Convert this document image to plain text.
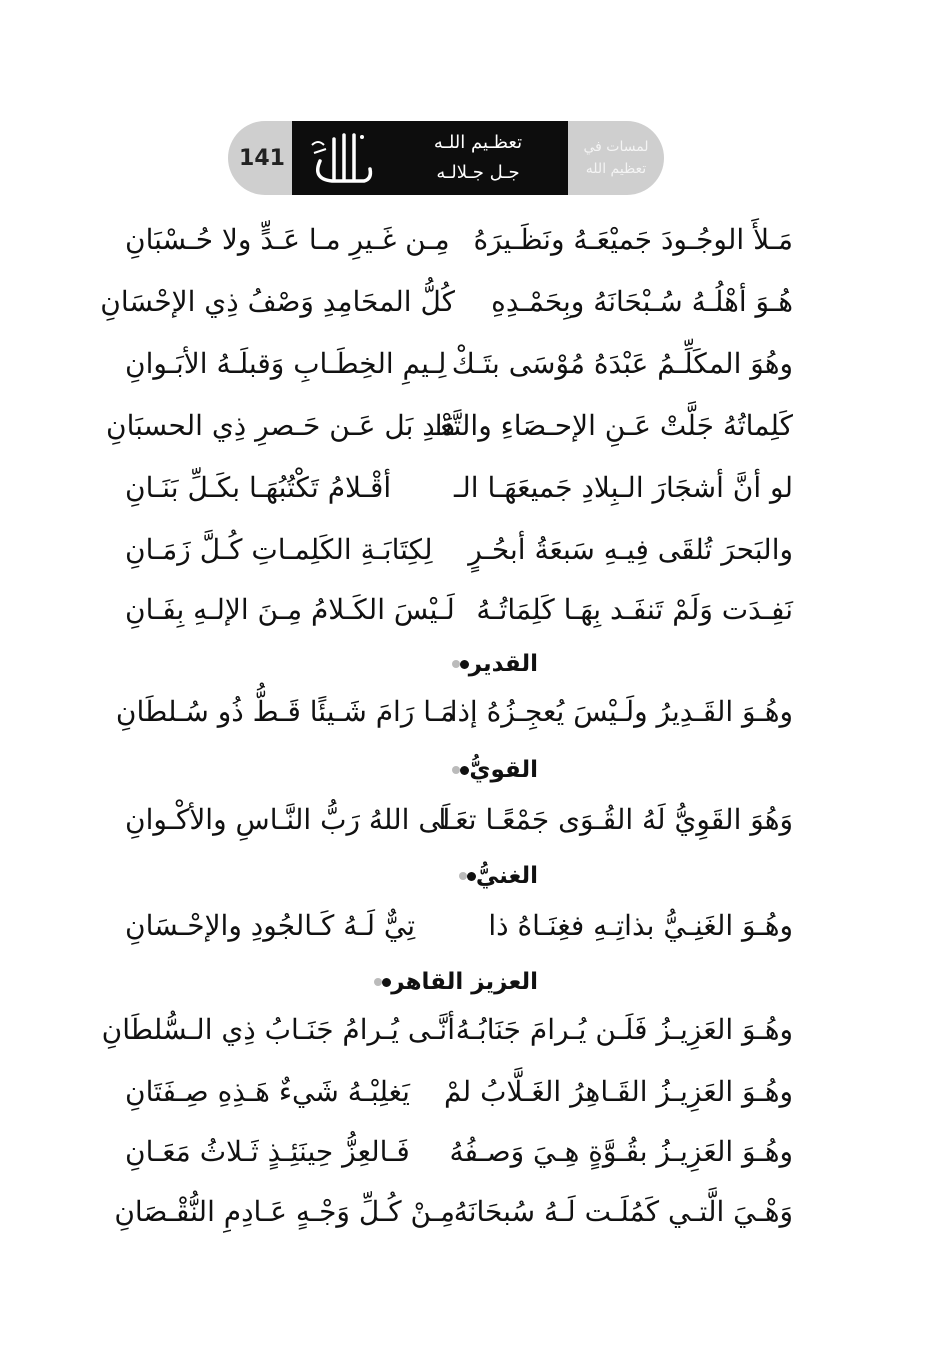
141
تعظـيم اللـه
جـل جـلالـه
لمسات في
تعظيم الله
مَـلأَ الوجُـودَ جَميْعَـهُ ونَظَـيرَهُ
مِـن غَـيرِ مـا عَـدٍّ ولا حُـسْبَانِ
هُـوَ أهْلُـهُ سُـبْحَانَهُ وبِحَمْـدِهِ
كُلُّ المحَامِدِ وَصْفُ ذِي الإحْسَانِ
وهُوَ المكَلِّـمُ عَبْدَهُ مُوْسَى بتَـكْ
لِـيمِ الخِطَـابِ وَقبلَـهُ الأبَـوانِ
كَلِماتُهُ جَلَّتْ عَـنِ الإحـصَاءِ والتَّعْـ
دَادِ بَل عَـن حَـصرِ ذِي الحسبَانِ
لو أنَّ أشجَارَ الـبِلادِ جَميعَهَـا الـ
أقْـلامُ تَكْتُبُهَـا بكَـلِّ بَنَـانِ
والبَحرَ تُلقَى فِيـهِ سَبعَةُ أبحُـرٍ
لِكِتَابَـةِ الكَلِمـاتِ كُـلَّ زَمَـانِ
نَفِـدَت وَلَمْ تَنفَـد بِهَـا كَلِمَاتُـهُ
لَـيْسَ الكَـلامُ مِـنَ الإلـهِ بِفَـانِ
القدير
وهُـوَ القَـدِيرُ ولَـيْسَ يُعجِـزُهُ إذا
مَـا رَامَ شَـيئًا قَـطُّ ذُو سُـلطَانِ
القويُّ
وَهُوَ القَوِيُّ لَهُ القُـوَى جَمْعًـا تعَـا
لَى اللهُ رَبُّ النَّـاسِ والأكْـوانِ
الغنيُّ
وهُـوَ الغَنِـيُّ بذاتِـهِ فغِنَـاهُ ذا
تِيٌّ لَـهُ كَـالجُودِ والإحْـسَانِ
العزيز القاهر
وهُـوَ العَزِيـزُ فَلَـن يُـرامَ جَنَابُـهُ
أنَّـى يُـرامُ جَنَـابُ ذِي الـسُّلطَانِ
وهُـوَ العَزِيـزُ القَـاهِرُ الغَـلَّابُ لمْ
يَغلِبْـهُ شَيءٌ هَـذِهِ صِـفَتَانِ
وهُـوَ العَزِيـزُ بقُـوَّةٍ هِـيَ وَصـفُهُ
فَـالعِزُّ حِينَئِـذٍ ثَـلاثُ مَعَـانِ
وَهْـيَ الَّتـي كَمُلَـت لَـهُ سُبحَانَهُ
مِـنْ كُـلِّ وَجْـهٍ عَـادِمِ النُّقْـصَانِ
